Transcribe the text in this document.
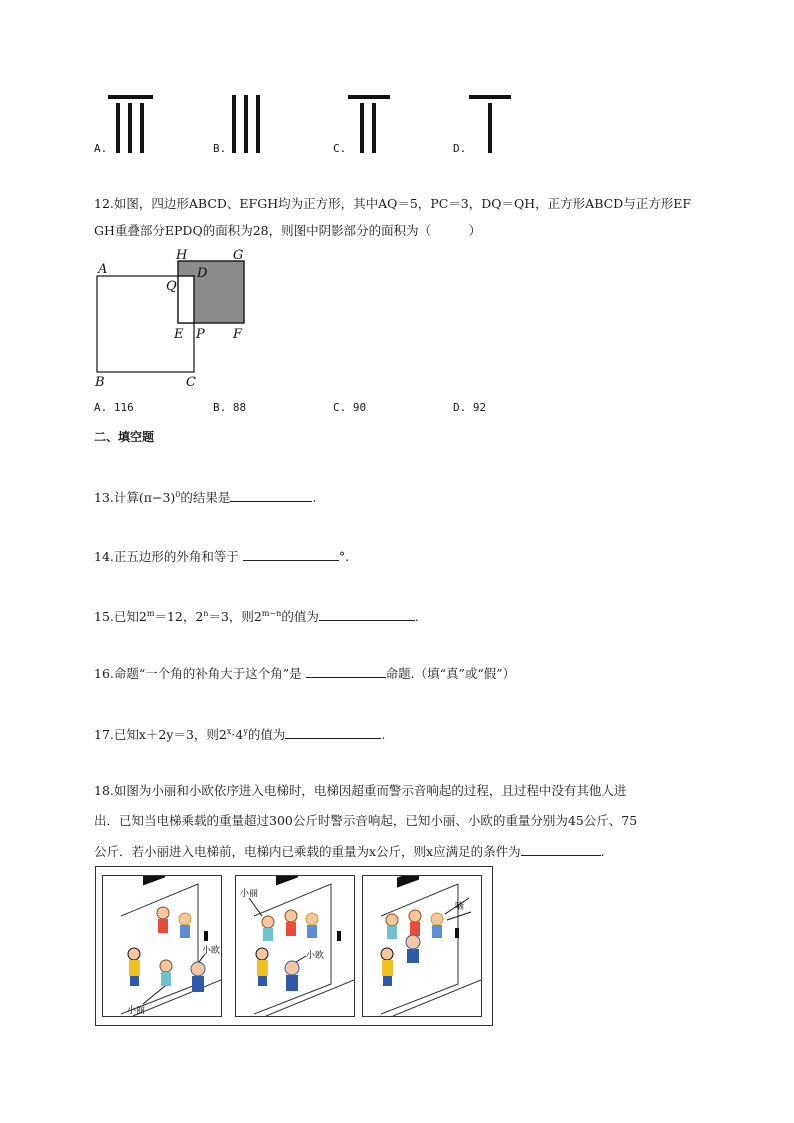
A.	B.	C.	D.
12.如图，四边形ABCD、EFGH均为正方形，其中AQ＝5，PC＝3，DQ＝QH，正方形ABCD与正方形EF
GH重叠部分EPDQ的面积为28，则图中阴影部分的面积为（　　　）
A
B	C
D
E	F
G
H
P
Q
A. 116	B. 88	C. 90	D. 92
二、填空题
13.计算$(\pi-3)^0$的结果是	.
14.正五边形的外角和等于	°.
15.已知$2^m=12$，$2^n=3$，则$2^{m-n}$的值为	.
16.命题“一个角的补角大于这个角”是	命题.（填“真”或“假”）
17.已知x＋2y＝3，则$2^x\cdot 4^y$的值为	.
18.如图为小丽和小欧依序进入电梯时，电梯因超重而警示音响起的过程，且过程中没有其他人进
出．已知当电梯乘载的重量超过300公斤时警示音响起，已知小丽、小欧的重量分别为45公斤、75
公斤．若小丽进入电梯前，电梯内已乘载的重量为x公斤，则x应满足的条件为	.
小欧
小丽
小丽
小欧
嘀
